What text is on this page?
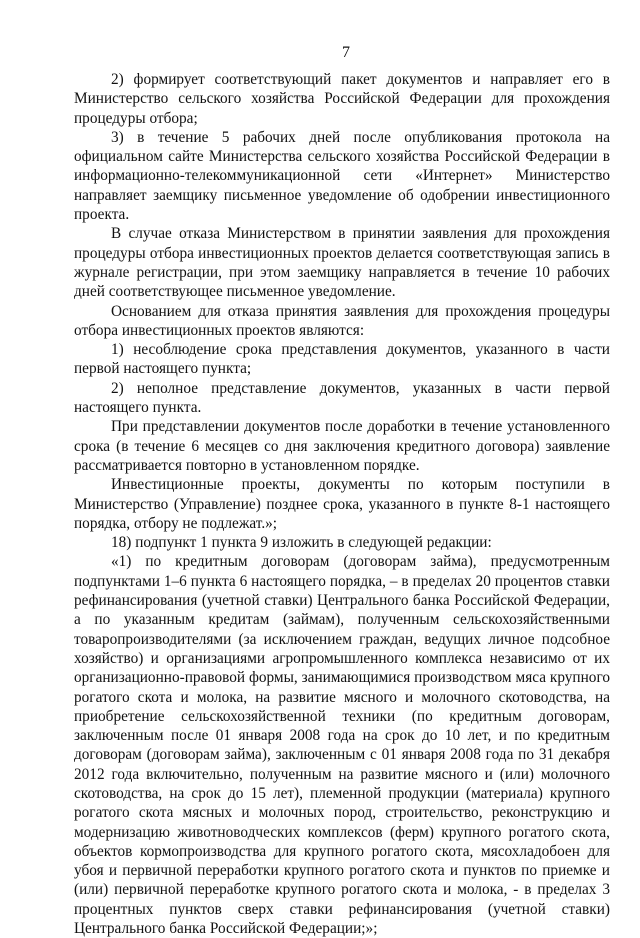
7

2) формирует соответствующий пакет документов и направляет его в Министерство сельского хозяйства Российской Федерации для прохождения процедуры отбора;

3) в течение 5 рабочих дней после опубликования протокола на официальном сайте Министерства сельского хозяйства Российской Федерации в информационно-телекоммуникационной сети «Интернет» Министерство направляет заемщику письменное уведомление об одобрении инвестиционного проекта.

В случае отказа Министерством в принятии заявления для прохождения процедуры отбора инвестиционных проектов делается соответствующая запись в журнале регистрации, при этом заемщику направляется в течение 10 рабочих дней соответствующее письменное уведомление.

Основанием для отказа принятия заявления для прохождения процедуры отбора инвестиционных проектов являются:

1) несоблюдение срока представления документов, указанного в части первой настоящего пункта;

2) неполное представление документов, указанных в части первой настоящего пункта.

При представлении документов после доработки в течение установленного срока (в течение 6 месяцев со дня заключения кредитного договора) заявление рассматривается повторно в установленном порядке.

Инвестиционные проекты, документы по которым поступили в Министерство (Управление) позднее срока, указанного в пункте 8-1 настоящего порядка, отбору не подлежат.»;

18) подпункт 1 пункта 9 изложить в следующей редакции:

«1) по кредитным договорам (договорам займа), предусмотренным подпунктами 1–6 пункта 6 настоящего порядка, – в пределах 20 процентов ставки рефинансирования (учетной ставки) Центрального банка Российской Федерации, а по указанным кредитам (займам), полученным сельскохозяйственными товаропроизводителями (за исключением граждан, ведущих личное подсобное хозяйство) и организациями агропромышленного комплекса независимо от их организационно-правовой формы, занимающимися производством мяса крупного рогатого скота и молока, на развитие мясного и молочного скотоводства, на приобретение сельскохозяйственной техники (по кредитным договорам, заключенным после 01 января 2008 года на срок до 10 лет, и по кредитным договорам (договорам займа), заключенным с 01 января 2008 года по 31 декабря 2012 года включительно, полученным на развитие мясного и (или) молочного скотоводства, на срок до 15 лет), племенной продукции (материала) крупного рогатого скота мясных и молочных пород, строительство, реконструкцию и модернизацию животноводческих комплексов (ферм) крупного рогатого скота, объектов кормопроизводства для крупного рогатого скота, мясохладобоен для убоя и первичной переработки крупного рогатого скота и пунктов по приемке и (или) первичной переработке крупного рогатого скота и молока, - в пределах 3 процентных пунктов сверх ставки рефинансирования (учетной ставки) Центрального банка Российской Федерации;»;
